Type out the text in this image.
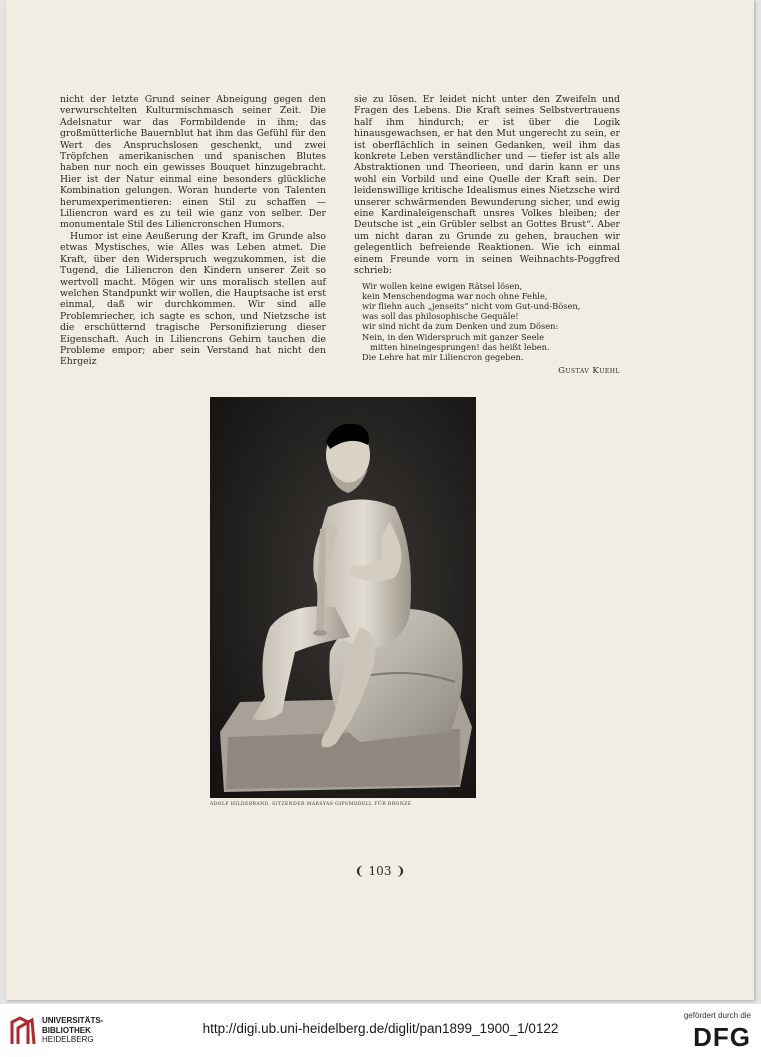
nicht der letzte Grund seiner Abneigung gegen den verwurschtelten Kulturmischmasch seiner Zeit. Die Adelsnatur war das Formbildende in ihm; das großmütterliche Bauernblut hat ihm das Gefühl für den Wert des Anspruchslosen geschenkt, und zwei Tröpfchen amerikanischen und spanischen Blutes haben nur noch ein gewisses Bouquet hinzugebracht. Hier ist der Natur einmal eine besonders glückliche Kombination gelungen. Woran hunderte von Talenten herumexperimentieren: einen Stil zu schaffen — Liliencron ward es zu teil wie ganz von selber. Der monumentale Stil des Liliencronschen Humors.

Humor ist eine Aeußerung der Kraft, im Grunde also etwas Mystisches, wie Alles was Leben atmet. Die Kraft, über den Widerspruch wegzukommen, ist die Tugend, die Liliencron den Kindern unserer Zeit so wertvoll macht. Mögen wir uns moralisch stellen auf welchen Standpunkt wir wollen, die Hauptsache ist erst einmal, daß wir durchkommen. Wir sind alle Problemriecher, ich sagte es schon, und Nietzsche ist die erschütternd tragische Personifizierung dieser Eigenschaft. Auch in Liliencrons Gehirn tauchen die Probleme empor; aber sein Verstand hat nicht den Ehrgeiz

sie zu lösen. Er leidet nicht unter den Zweifeln und Fragen des Lebens. Die Kraft seines Selbstvertrauens half ihm hindurch; er ist über die Logik hinausgewachsen, er hat den Mut ungerecht zu sein, er ist oberflächlich in seinen Gedanken, weil ihm das konkrete Leben verständlicher und — tiefer ist als alle Abstraktionen und Theorieen, und darin kann er uns wohl ein Vorbild und eine Quelle der Kraft sein. Der leidenswillige kritische Idealismus eines Nietzsche wird unserer schwärmenden Bewunderung sicher, und ewig eine Kardinaleigenschaft unsres Volkes bleiben; der Deutsche ist „ein Grübler selbst an Gottes Brust“. Aber um nicht daran zu Grunde zu gehen, brauchen wir gelegentlich befreiende Reaktionen. Wie ich einmal einem Freunde vorn in seinen Weihnachts-Poggfred schrieb:

Wir wollen keine ewigen Rätsel lösen,
kein Menschendogma war noch ohne Fehle,
wir fliehn auch „jenseits“ nicht vom Gut-und-Bösen,
was soll das philosophische Gequäle!
wir sind nicht da zum Denken und zum Dösen:
Nein, in den Widerspruch mit ganzer Seele
mitten hineingesprungen! das heißt leben.
Die Lehre hat mir Liliencron gegeben.
Gustav Kuehl
ADOLF HILDEBRAND, SITZENDER MARSYAS GIPSMODELL FÜR BRONZE
❨ 103 ❩
UNIVERSITÄTS-
BIBLIOTHEK
HEIDELBERG
http://digi.ub.uni-heidelberg.de/diglit/pan1899_1900_1/0122
gefördert durch die
DFG
